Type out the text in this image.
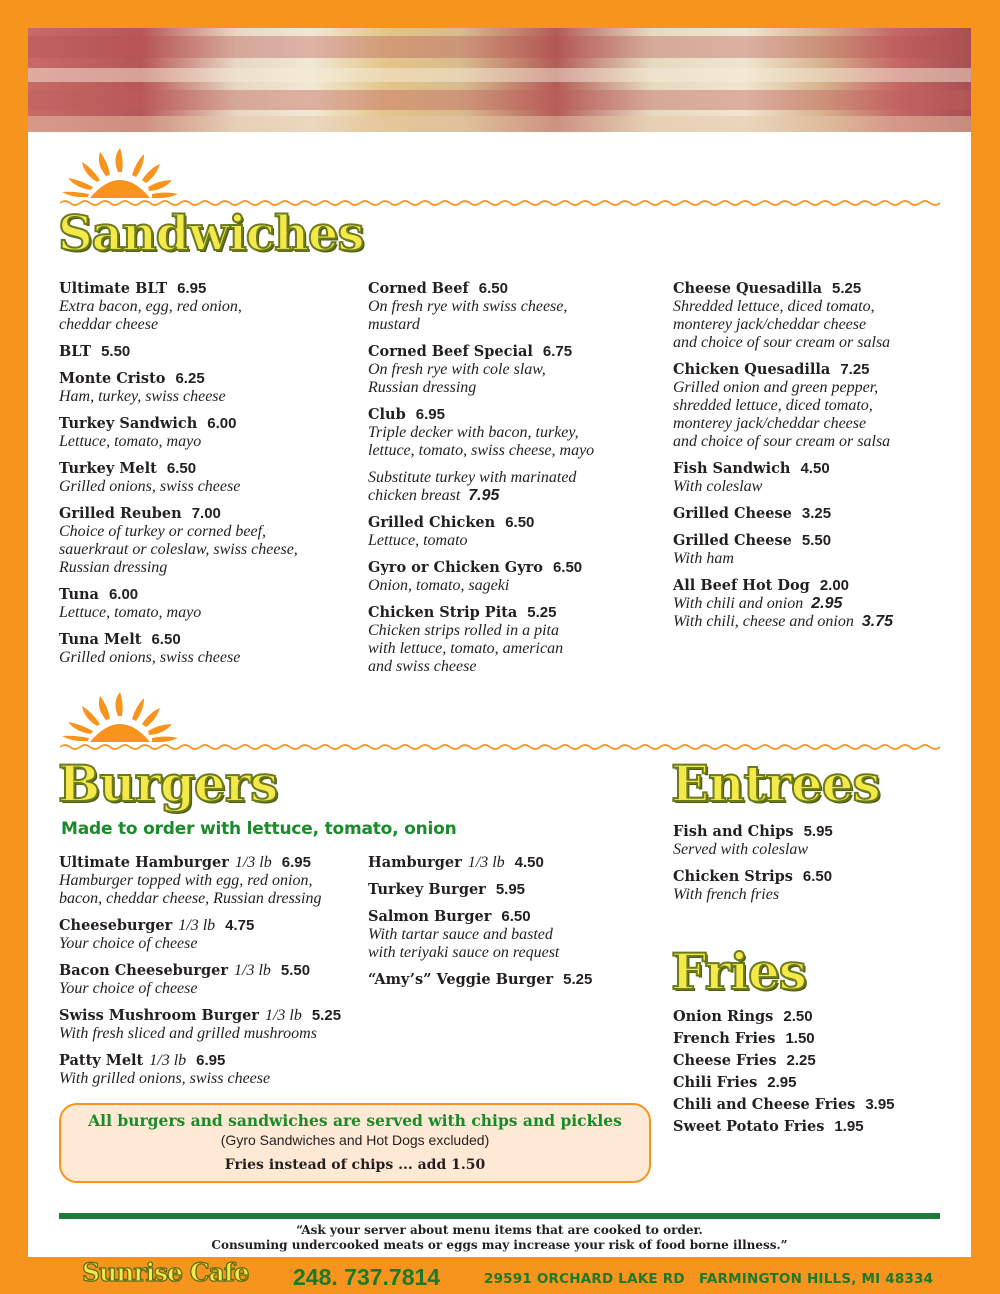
Sandwiches
Ultimate BLT 6.95
Extra bacon, egg, red onion,
cheddar cheese
BLT 5.50
Monte Cristo 6.25
Ham, turkey, swiss cheese
Turkey Sandwich 6.00
Lettuce, tomato, mayo
Turkey Melt 6.50
Grilled onions, swiss cheese
Grilled Reuben 7.00
Choice of turkey or corned beef,
sauerkraut or coleslaw, swiss cheese,
Russian dressing
Tuna 6.00
Lettuce, tomato, mayo
Tuna Melt 6.50
Grilled onions, swiss cheese
Corned Beef 6.50
On fresh rye with swiss cheese,
mustard
Corned Beef Special 6.75
On fresh rye with cole slaw,
Russian dressing
Club 6.95
Triple decker with bacon, turkey,
lettuce, tomato, swiss cheese, mayo
Substitute turkey with marinated
chicken breast 7.95
Grilled Chicken 6.50
Lettuce, tomato
Gyro or Chicken Gyro 6.50
Onion, tomato, sageki
Chicken Strip Pita 5.25
Chicken strips rolled in a pita
with lettuce, tomato, american
and swiss cheese
Cheese Quesadilla 5.25
Shredded lettuce, diced tomato,
monterey jack/cheddar cheese
and choice of sour cream or salsa
Chicken Quesadilla 7.25
Grilled onion and green pepper,
shredded lettuce, diced tomato,
monterey jack/cheddar cheese
and choice of sour cream or salsa
Fish Sandwich 4.50
With coleslaw
Grilled Cheese 3.25
Grilled Cheese 5.50
With ham
All Beef Hot Dog 2.00
With chili and onion 2.95
With chili, cheese and onion 3.75
Burgers
Made to order with lettuce, tomato, onion
Ultimate Hamburger 1/3 lb 6.95
Hamburger topped with egg, red onion,
bacon, cheddar cheese, Russian dressing
Cheeseburger 1/3 lb 4.75
Your choice of cheese
Bacon Cheeseburger 1/3 lb 5.50
Your choice of cheese
Swiss Mushroom Burger 1/3 lb 5.25
With fresh sliced and grilled mushrooms
Patty Melt 1/3 lb 6.95
With grilled onions, swiss cheese
Hamburger 1/3 lb 4.50
Turkey Burger 5.95
Salmon Burger 6.50
With tartar sauce and basted
with teriyaki sauce on request
“Amy’s” Veggie Burger 5.25
Entrees
Fish and Chips 5.95
Served with coleslaw
Chicken Strips 6.50
With french fries
Fries
Onion Rings 2.50
French Fries 1.50
Cheese Fries 2.25
Chili Fries 2.95
Chili and Cheese Fries 3.95
Sweet Potato Fries 1.95
All burgers and sandwiches are served with chips and pickles
(Gyro Sandwiches and Hot Dogs excluded)
Fries instead of chips ... add 1.50
“Ask your server about menu items that are cooked to order.
Consuming undercooked meats or eggs may increase your risk of food borne illness.”
Sunrise Cafe 248. 737.7814	29591 ORCHARD LAKE RD FARMINGTON HILLS, MI 48334
